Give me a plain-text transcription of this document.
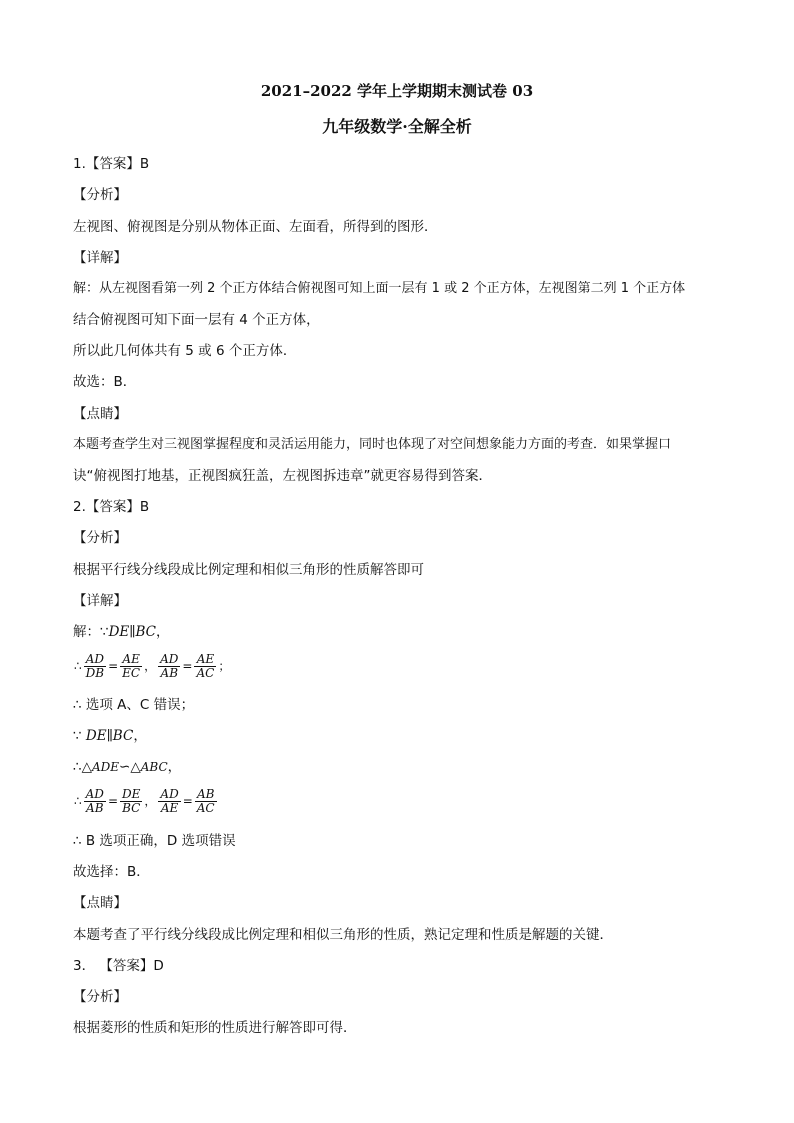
2021–2022 学年上学期期末测试卷 03
九年级数学·全解全析
1.【答案】B
【分析】
左视图、俯视图是分别从物体正面、左面看，所得到的图形．
【详解】
解：从左视图看第一列 2 个正方体结合俯视图可知上面一层有 1 或 2 个正方体，左视图第二列 1 个正方体
结合俯视图可知下面一层有 4 个正方体，
所以此几何体共有 5 或 6 个正方体．
故选：B．
【点睛】
本题考查学生对三视图掌握程度和灵活运用能力，同时也体现了对空间想象能力方面的考查．如果掌握口
诀“俯视图打地基，正视图疯狂盖，左视图拆违章”就更容易得到答案．
2.【答案】B
【分析】
根据平行线分线段成比例定理和相似三角形的性质解答即可
【详解】
解：∵DE∥BC，
∴ $\frac{AD}{DB} = \frac{AE}{EC}$ ， $\frac{AD}{AB} = \frac{AE}{AC}$ ；
∴ 选项 A、C 错误；
∵ DE∥BC，
∴△ADE∽△ABC，
∴ $\frac{AD}{AB} = \frac{DE}{BC}$ ， $\frac{AD}{AE} = \frac{AB}{AC}$
∴ B 选项正确，D 选项错误
故选择：B．
【点睛】
本题考查了平行线分线段成比例定理和相似三角形的性质，熟记定理和性质是解题的关键．
3． 【答案】D
【分析】
根据菱形的性质和矩形的性质进行解答即可得．
